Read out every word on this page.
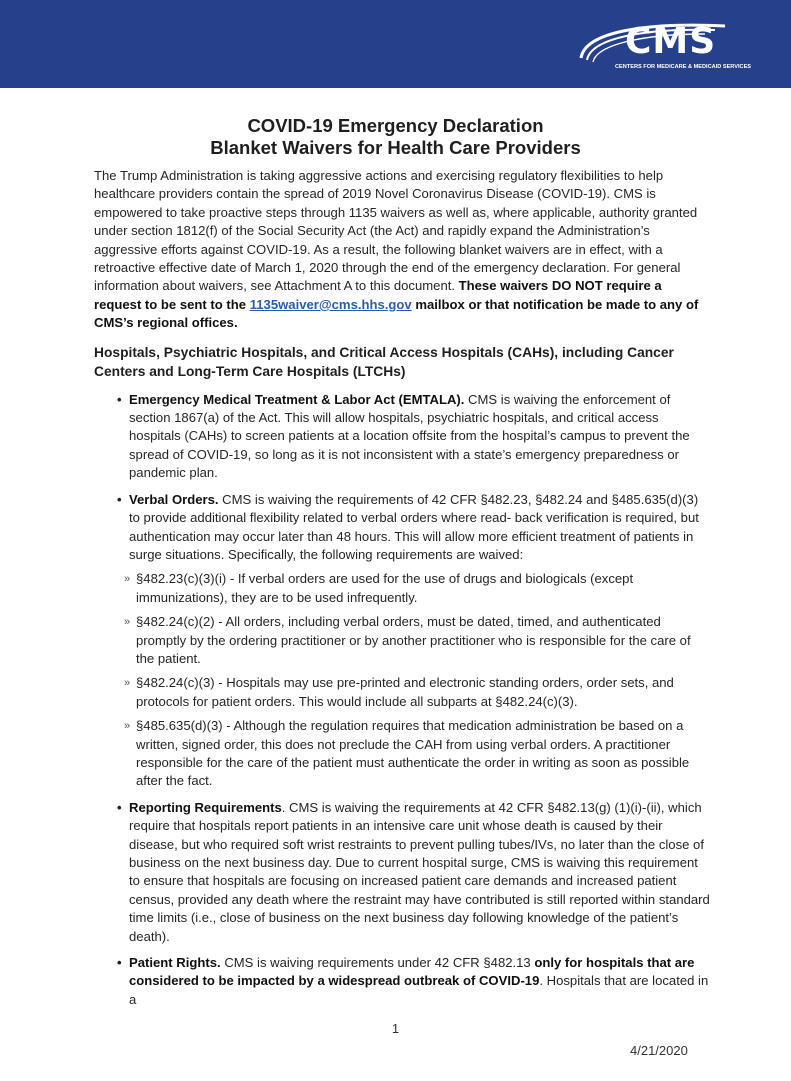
CMS
CENTERS FOR MEDICARE & MEDICAID SERVICES
COVID-19 Emergency Declaration
Blanket Waivers for Health Care Providers
The Trump Administration is taking aggressive actions and exercising regulatory flexibilities to help healthcare providers contain the spread of 2019 Novel Coronavirus Disease (COVID-19). CMS is empowered to take proactive steps through 1135 waivers as well as, where applicable, authority granted under section 1812(f) of the Social Security Act (the Act) and rapidly expand the Administration’s aggressive efforts against COVID-19. As a result, the following blanket waivers are in effect, with a retroactive effective date of March 1, 2020 through the end of the emergency declaration. For general information about waivers, see Attachment A to this document. These waivers DO NOT require a request to be sent to the 1135waiver@cms.hhs.gov mailbox or that notification be made to any of CMS’s regional offices.
Hospitals, Psychiatric Hospitals, and Critical Access Hospitals (CAHs), including Cancer Centers and Long-Term Care Hospitals (LTCHs)
• Emergency Medical Treatment & Labor Act (EMTALA). CMS is waiving the enforcement of section 1867(a) of the Act. This will allow hospitals, psychiatric hospitals, and critical access hospitals (CAHs) to screen patients at a location offsite from the hospital’s campus to prevent the spread of COVID-19, so long as it is not inconsistent with a state’s emergency preparedness or pandemic plan.
• Verbal Orders. CMS is waiving the requirements of 42 CFR §482.23, §482.24 and §485.635(d)(3) to provide additional flexibility related to verbal orders where read- back verification is required, but authentication may occur later than 48 hours. This will allow more efficient treatment of patients in surge situations. Specifically, the following requirements are waived:
» §482.23(c)(3)(i) - If verbal orders are used for the use of drugs and biologicals (except immunizations), they are to be used infrequently.
» §482.24(c)(2) - All orders, including verbal orders, must be dated, timed, and authenticated promptly by the ordering practitioner or by another practitioner who is responsible for the care of the patient.
» §482.24(c)(3) - Hospitals may use pre-printed and electronic standing orders, order sets, and protocols for patient orders. This would include all subparts at §482.24(c)(3).
» §485.635(d)(3) - Although the regulation requires that medication administration be based on a written, signed order, this does not preclude the CAH from using verbal orders. A practitioner responsible for the care of the patient must authenticate the order in writing as soon as possible after the fact.
• Reporting Requirements. CMS is waiving the requirements at 42 CFR §482.13(g) (1)(i)-(ii), which require that hospitals report patients in an intensive care unit whose death is caused by their disease, but who required soft wrist restraints to prevent pulling tubes/IVs, no later than the close of business on the next business day. Due to current hospital surge, CMS is waiving this requirement to ensure that hospitals are focusing on increased patient care demands and increased patient census, provided any death where the restraint may have contributed is still reported within standard time limits (i.e., close of business on the next business day following knowledge of the patient’s death).
• Patient Rights. CMS is waiving requirements under 42 CFR §482.13 only for hospitals that are considered to be impacted by a widespread outbreak of COVID-19. Hospitals that are located in a
1
4/21/2020
